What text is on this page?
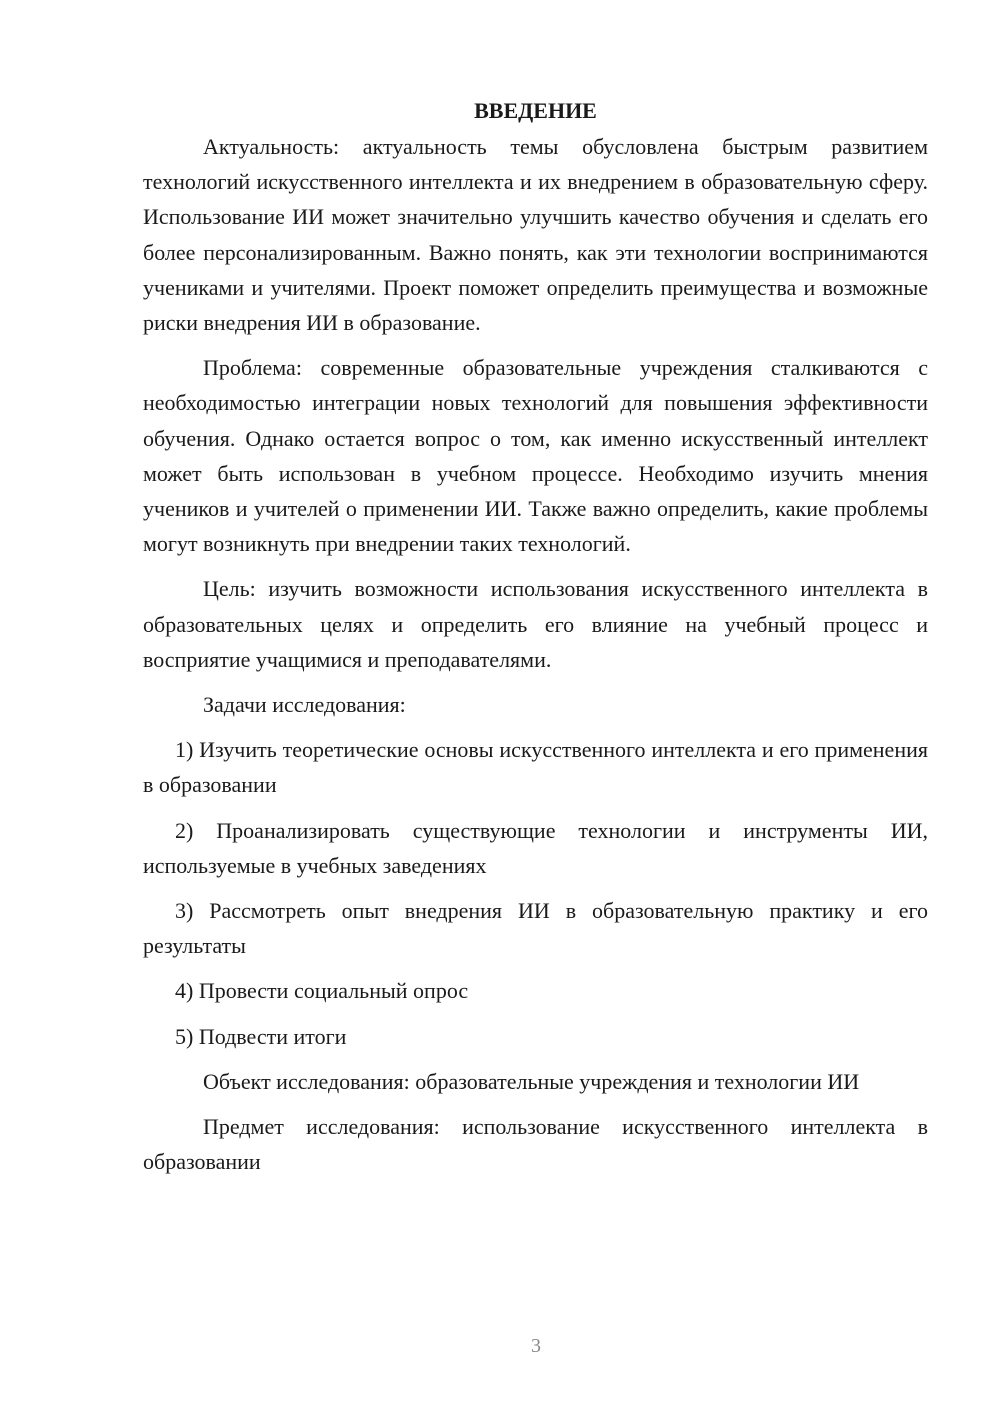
ВВЕДЕНИЕ

Актуальность: актуальность темы обусловлена быстрым развитием технологий искусственного интеллекта и их внедрением в образовательную сферу. Использование ИИ может значительно улучшить качество обучения и сделать его более персонализированным. Важно понять, как эти технологии воспринимаются учениками и учителями. Проект поможет определить преимущества и возможные риски внедрения ИИ в образование.

Проблема: современные образовательные учреждения сталкиваются с необходимостью интеграции новых технологий для повышения эффективности обучения. Однако остается вопрос о том, как именно искусственный интеллект может быть использован в учебном процессе. Необходимо изучить мнения учеников и учителей о применении ИИ. Также важно определить, какие проблемы могут возникнуть при внедрении таких технологий.

Цель: изучить возможности использования искусственного интеллекта в образовательных целях и определить его влияние на учебный процесс и восприятие учащимися и преподавателями.

Задачи исследования:

1) Изучить теоретические основы искусственного интеллекта и его применения в образовании

2) Проанализировать существующие технологии и инструменты ИИ, используемые в учебных заведениях

3) Рассмотреть опыт внедрения ИИ в образовательную практику и его результаты

4) Провести социальный опрос

5) Подвести итоги

Объект исследования: образовательные учреждения и технологии ИИ

Предмет исследования: использование искусственного интеллекта в образовании

3
